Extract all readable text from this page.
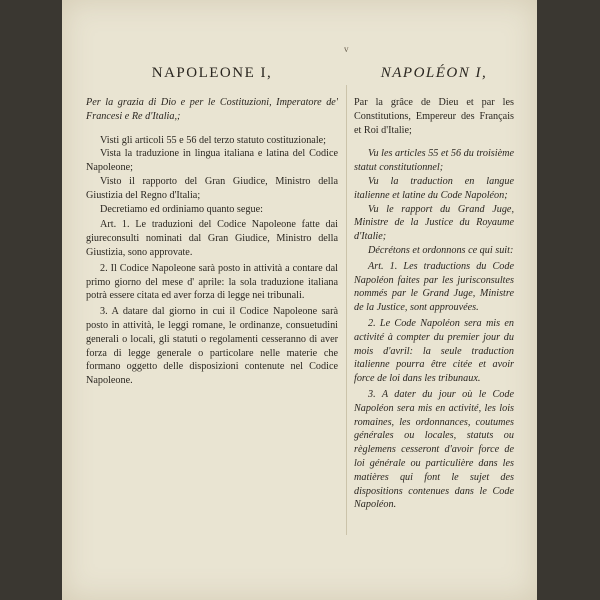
v
NAPOLEONE I,

Per la grazia di Dio e per le Costituzioni, Imperatore de' Francesi e Re d'Italia,;

Visti gli articoli 55 e 56 del terzo statuto costituzionale;

Vista la traduzione in lingua italiana e latina del Codice Napoleone;

Visto il rapporto del Gran Giudice, Ministro della Giustizia del Regno d'Italia;

Decretiamo ed ordiniamo quanto segue:

Art. 1. Le traduzioni del Codice Napoleone fatte dai giureconsulti nominati dal Gran Giudice, Ministro della Giustizia, sono approvate.

2. Il Codice Napoleone sarà posto in attività a contare dal primo giorno del mese d' aprile: la sola traduzione italiana potrà essere citata ed aver forza di legge nei tribunali.

3. A datare dal giorno in cui il Codice Napoleone sarà posto in attività, le leggi romane, le ordinanze, consuetudini generali o locali, gli statuti o regolamenti cesseranno di aver forza di legge generale o particolare nelle materie che formano oggetto delle disposizioni contenute nel Codice Napoleone.

NAPOLÉON I,

Par la grâce de Dieu et par les Constitutions, Empereur des Français et Roi d'Italie;

Vu les articles 55 et 56 du troisième statut constitutionnel;

Vu la traduction en langue italienne et latine du Code Napoléon;

Vu le rapport du Grand Juge, Ministre de la Justice du Royaume d'Italie;

Décrétons et ordonnons ce qui suit:

Art. 1. Les traductions du Code Napoléon faites par les jurisconsultes nommés par le Grand Juge, Ministre de la Justice, sont approuvées.

2. Le Code Napoléon sera mis en activité à compter du premier jour du mois d'avril: la seule traduction italienne pourra être citée et avoir force de loi dans les tribunaux.

3. A dater du jour où le Code Napoléon sera mis en activité, les lois romaines, les ordonnances, coutumes générales ou locales, statuts ou règlemens cesseront d'avoir force de loi générale ou particulière dans les matières qui font le sujet des dispositions contenues dans le Code Napoléon.
